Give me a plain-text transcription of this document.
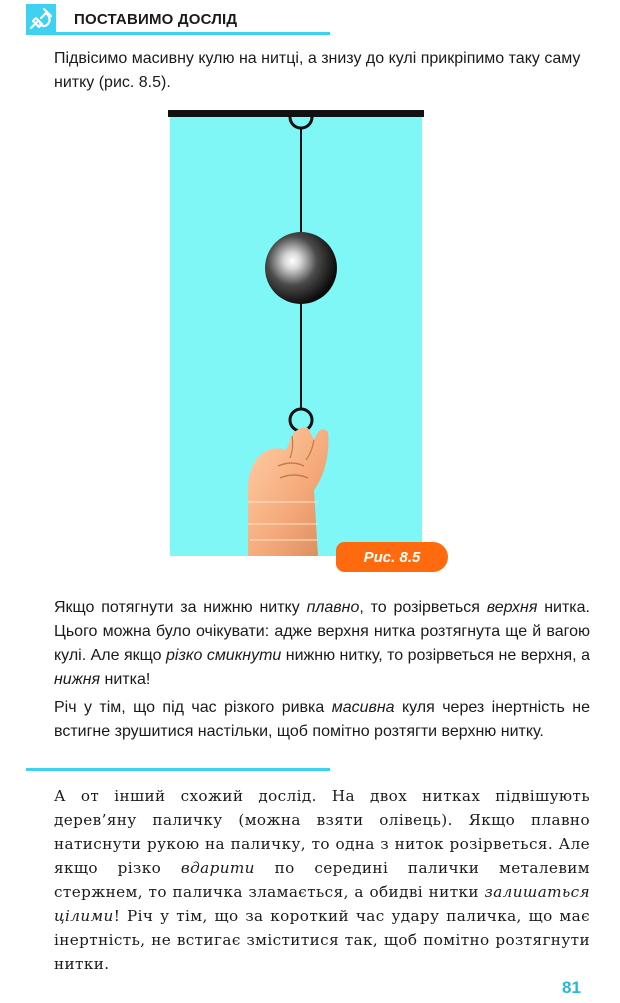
ПОСТАВИМО ДОСЛІД

Підвісимо масивну кулю на нитці, а знизу до кулі прикріпимо таку саму нитку (рис. 8.5).

Рис. 8.5

Якщо потягнути за нижню нитку плавно, то розірветься верхня нитка. Цього можна було очікувати: адже верхня нитка розтягнута ще й вагою кулі. Але якщо різко смикнути нижню нитку, то розірветься не верхня, а нижня нитка!

Річ у тім, що під час різкого ривка масивна куля через інертність не встигне зрушитися настільки, щоб помітно розтягти верхню нитку.

А от інший схожий дослід. На двох нитках підвішують дерев’яну паличку (можна взяти олівець). Якщо плавно натиснути рукою на паличку, то одна з ниток розірветься. Але якщо різко вдарити по середині палички металевим стержнем, то паличка зламається, а обидві нитки залишаться цілими! Річ у тім, що за короткий час удару паличка, що має інертність, не встигає зміститися так, щоб помітно розтягнути нитки.

81
